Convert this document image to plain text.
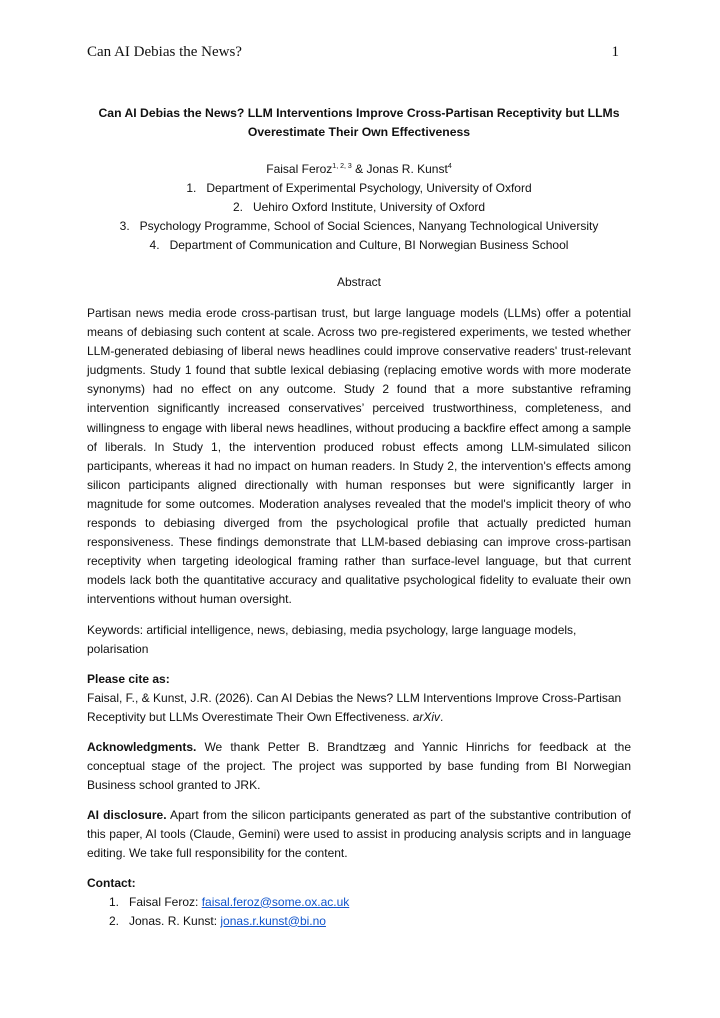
Can AI Debias the News?	1

Can AI Debias the News? LLM Interventions Improve Cross-Partisan Receptivity but LLMs Overestimate Their Own Effectiveness

Faisal Feroz$^{1, 2, 3}$ & Jonas R. Kunst$^4$
1. Department of Experimental Psychology, University of Oxford
2. Uehiro Oxford Institute, University of Oxford
3. Psychology Programme, School of Social Sciences, Nanyang Technological University
4. Department of Communication and Culture, BI Norwegian Business School
Abstract
Partisan news media erode cross-partisan trust, but large language models (LLMs) offer a potential means of debiasing such content at scale. Across two pre-registered experiments, we tested whether LLM-generated debiasing of liberal news headlines could improve conservative readers' trust-relevant judgments. Study 1 found that subtle lexical debiasing (replacing emotive words with more moderate synonyms) had no effect on any outcome. Study 2 found that a more substantive reframing intervention significantly increased conservatives’ perceived trustworthiness, completeness, and willingness to engage with liberal news headlines, without producing a backfire effect among a sample of liberals. In Study 1, the intervention produced robust effects among LLM-simulated silicon participants, whereas it had no impact on human readers. In Study 2, the intervention's effects among silicon participants aligned directionally with human responses but were significantly larger in magnitude for some outcomes. Moderation analyses revealed that the model's implicit theory of who responds to debiasing diverged from the psychological profile that actually predicted human responsiveness. These findings demonstrate that LLM-based debiasing can improve cross-partisan receptivity when targeting ideological framing rather than surface-level language, but that current models lack both the quantitative accuracy and qualitative psychological fidelity to evaluate their own interventions without human oversight.
Keywords: artificial intelligence, news, debiasing, media psychology, large language models, polarisation
Please cite as:
Faisal, F., & Kunst, J.R. (2026). Can AI Debias the News? LLM Interventions Improve Cross-Partisan Receptivity but LLMs Overestimate Their Own Effectiveness. arXiv.
Acknowledgments. We thank Petter B. Brandtzæg and Yannic Hinrichs for feedback at the conceptual stage of the project. The project was supported by base funding from BI Norwegian Business school granted to JRK.
AI disclosure. Apart from the silicon participants generated as part of the substantive contribution of this paper, AI tools (Claude, Gemini) were used to assist in producing analysis scripts and in language editing. We take full responsibility for the content.
Contact:
1. Faisal Feroz: faisal.feroz@some.ox.ac.uk
2. Jonas. R. Kunst: jonas.r.kunst@bi.no
